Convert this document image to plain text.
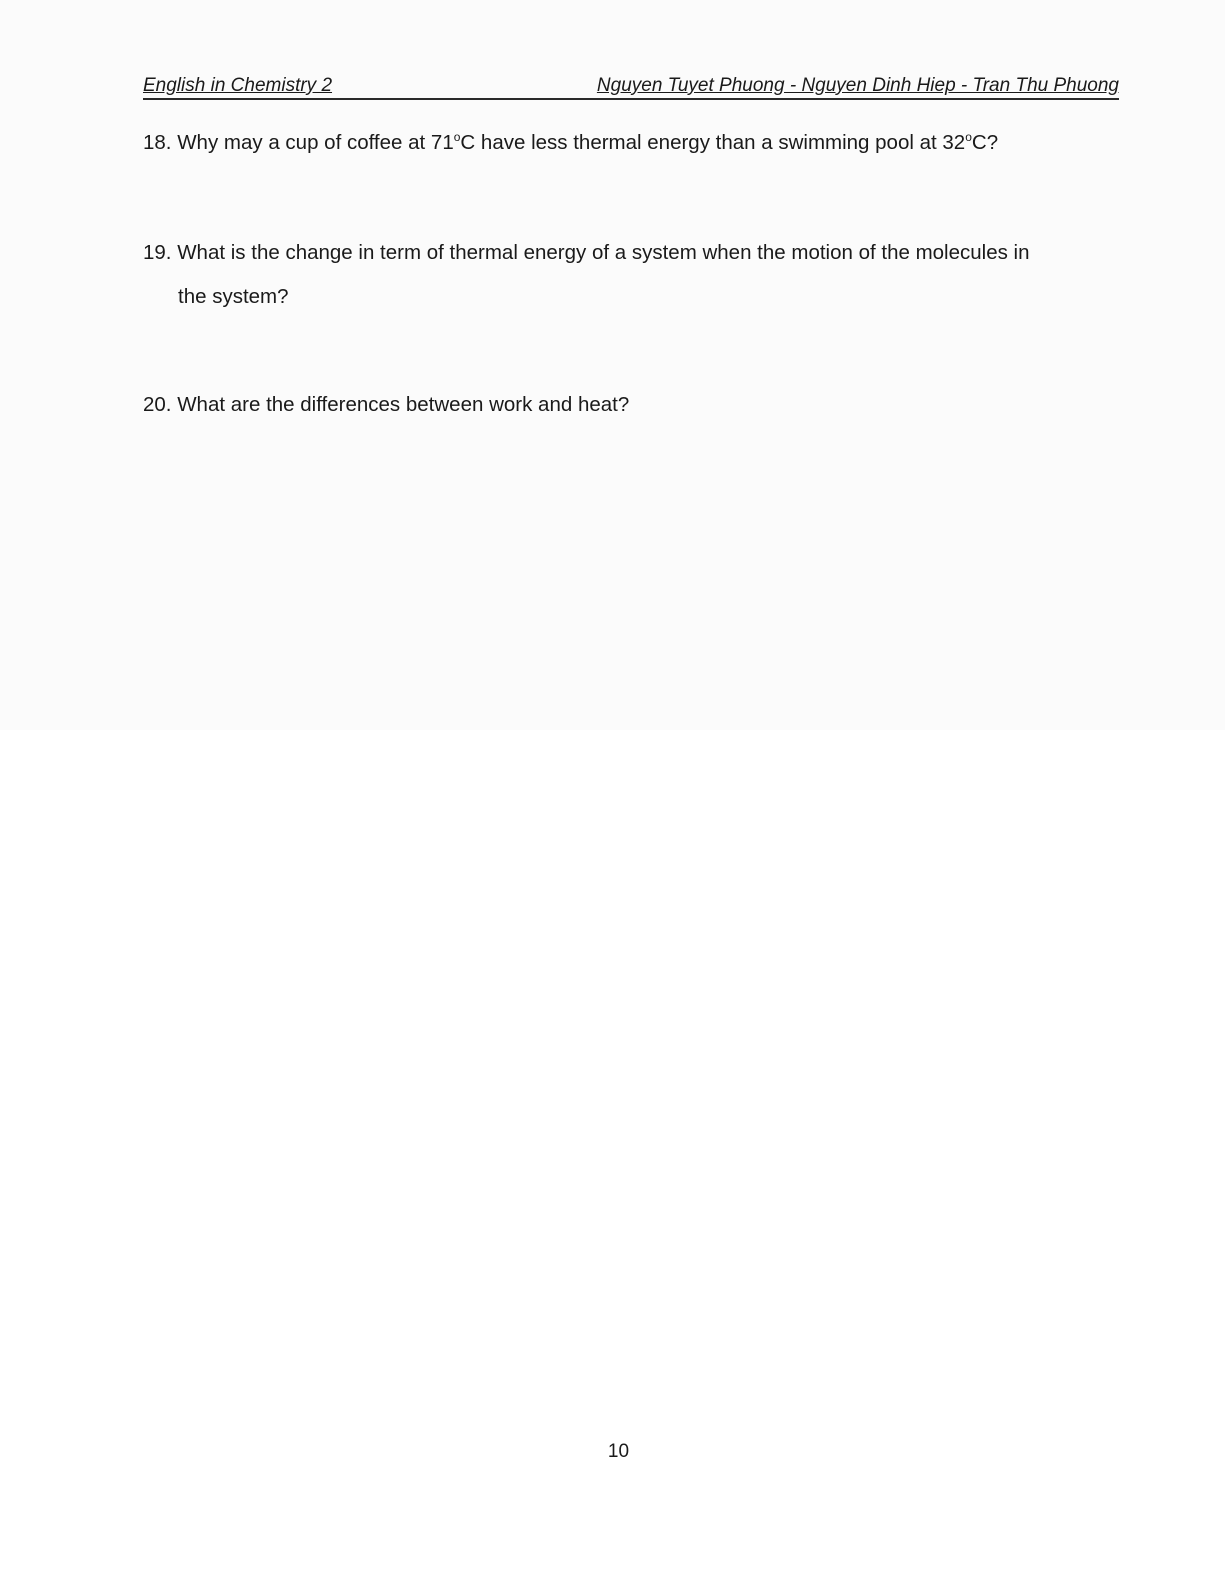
English in Chemistry 2	Nguyen Tuyet Phuong - Nguyen Dinh Hiep - Tran Thu Phuong
18. Why may a cup of coffee at 71$^o$C have less thermal energy than a swimming pool at 32$^o$C?
19. What is the change in term of thermal energy of a system when the motion of the molecules in
the system?
20. What are the differences between work and heat?
10
